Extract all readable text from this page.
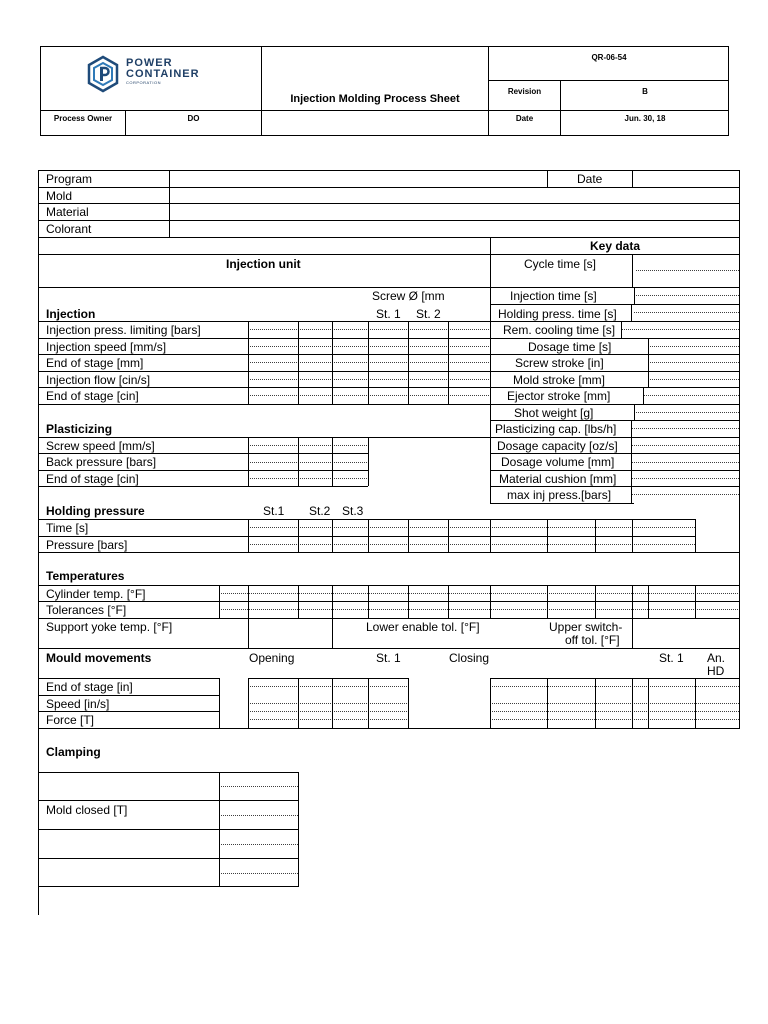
POWER
CONTAINER
CORPORATION
Injection Molding Process Sheet
QR-06-54
Revision	B
Date	Jun. 30, 18
Process Owner	DO
Program	Date
Mold
Material
Colorant
Key data
Cycle time [s]
Injection time [s]
Holding press. time [s]
Rem. cooling time [s]
Dosage time [s]
Screw stroke [in]
Mold stroke [mm]
Ejector stroke [mm]
Shot weight [g]
Plasticizing cap. [lbs/h]
Dosage capacity [oz/s]
Dosage volume [mm]
Material cushion [mm]
max inj press.[bars]
Injection unit
Screw Ø [mm
St. 1 St. 2
Injection
Injection press. limiting [bars]
Injection speed [mm/s]
End of stage [mm]
Injection flow [cin/s]
End of stage [cin]
Plasticizing
Screw speed [mm/s]
Back pressure [bars]
End of stage [cin]
Holding pressure	St.1 St.2 St.3
Time [s]
Pressure [bars]
Temperatures
Cylinder temp. [°F]
Tolerances [°F]
Support yoke temp. [°F]	Lower enable tol. [°F]	Upper switch-
off tol. [°F]
Mould movements	Opening	St. 1	Closing	St. 1 An.
HD
End of stage [in]
Speed [in/s]
Force [T]
Clamping
Mold closed [T]
